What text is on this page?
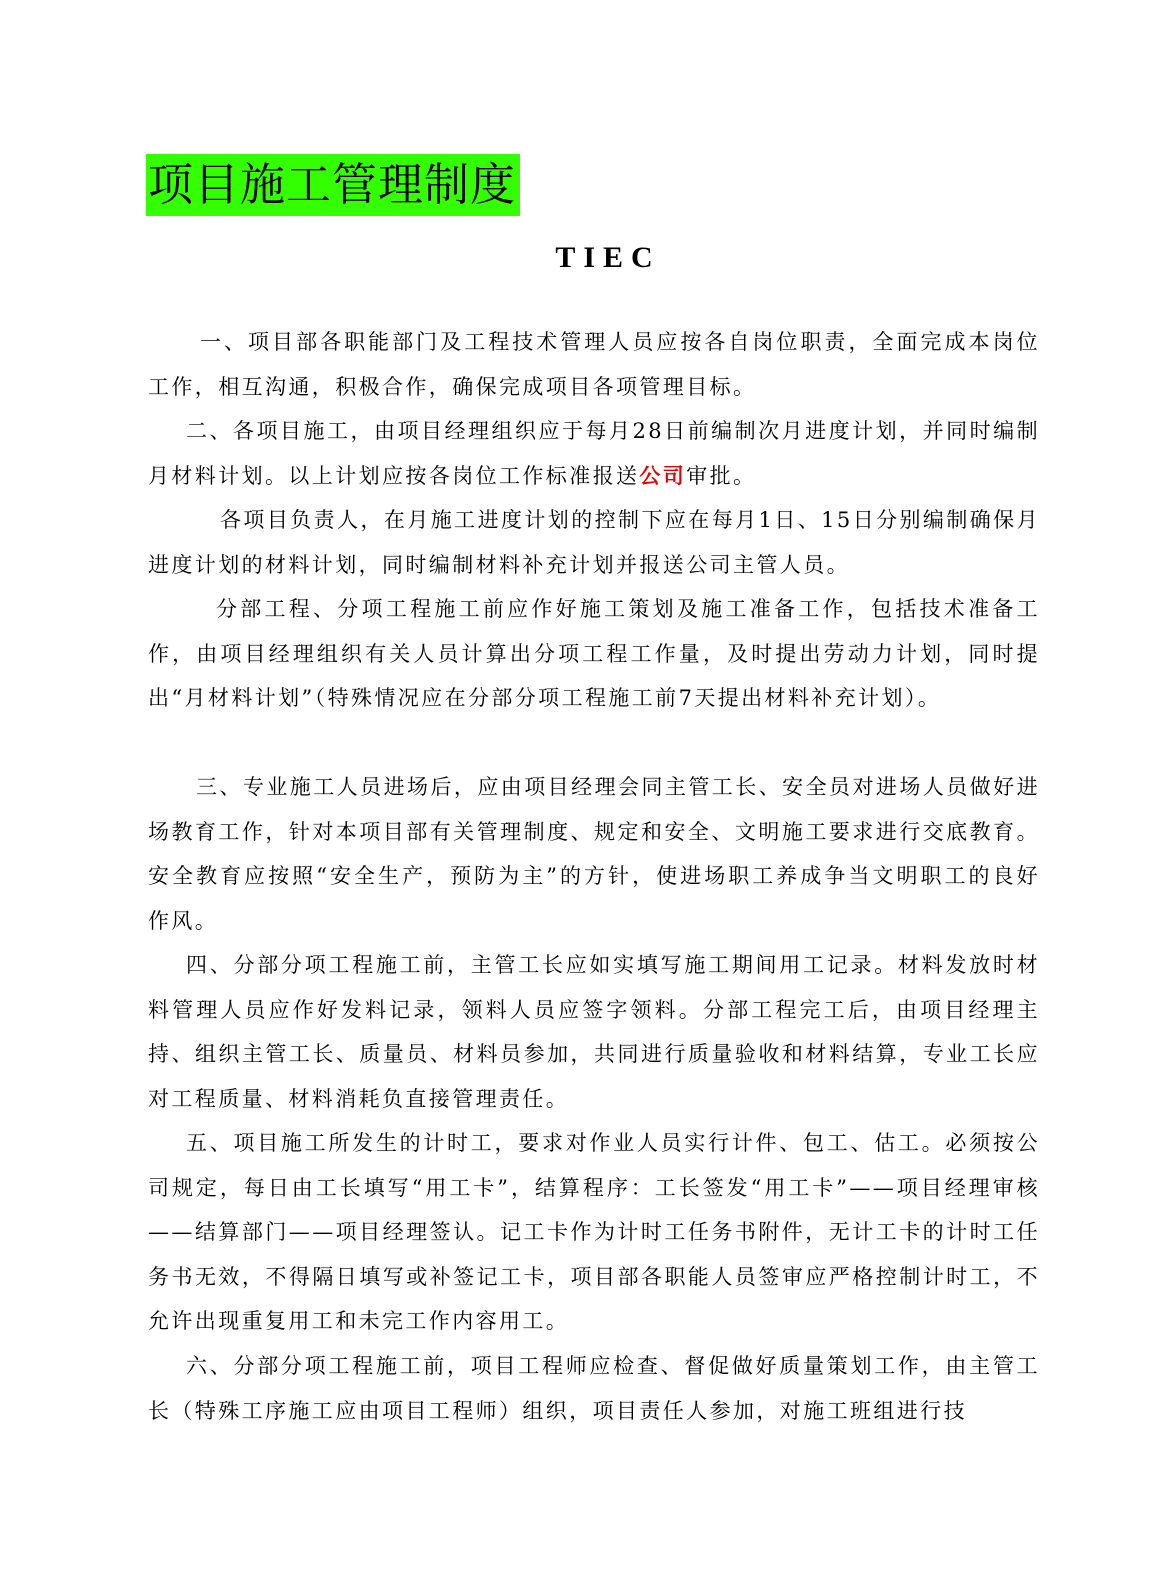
项目施工管理制度
TIEC

一、项目部各职能部门及工程技术管理人员应按各自岗位职责，全面完成本岗位工作，相互沟通，积极合作，确保完成项目各项管理目标。

二、各项目施工，由项目经理组织应于每月28日前编制次月进度计划，并同时编制月材料计划。以上计划应按各岗位工作标准报送公司审批。

各项目负责人，在月施工进度计划的控制下应在每月1日、15日分别编制确保月进度计划的材料计划，同时编制材料补充计划并报送公司主管人员。

分部工程、分项工程施工前应作好施工策划及施工准备工作，包括技术准备工作，由项目经理组织有关人员计算出分项工程工作量，及时提出劳动力计划，同时提出“月材料计划”（特殊情况应在分部分项工程施工前7天提出材料补充计划）。

三、专业施工人员进场后，应由项目经理会同主管工长、安全员对进场人员做好进场教育工作，针对本项目部有关管理制度、规定和安全、文明施工要求进行交底教育。安全教育应按照“安全生产，预防为主”的方针，使进场职工养成争当文明职工的良好作风。

四、分部分项工程施工前，主管工长应如实填写施工期间用工记录。材料发放时材料管理人员应作好发料记录，领料人员应签字领料。分部工程完工后，由项目经理主持、组织主管工长、质量员、材料员参加，共同进行质量验收和材料结算，专业工长应对工程质量、材料消耗负直接管理责任。

五、项目施工所发生的计时工，要求对作业人员实行计件、包工、估工。必须按公司规定，每日由工长填写“用工卡”，结算程序：工长签发“用工卡”——项目经理审核——结算部门——项目经理签认。记工卡作为计时工任务书附件，无计工卡的计时工任务书无效，不得隔日填写或补签记工卡，项目部各职能人员签审应严格控制计时工，不允许出现重复用工和未完工作内容用工。

六、分部分项工程施工前，项目工程师应检查、督促做好质量策划工作，由主管工长（特殊工序施工应由项目工程师）组织，项目责任人参加，对施工班组进行技
